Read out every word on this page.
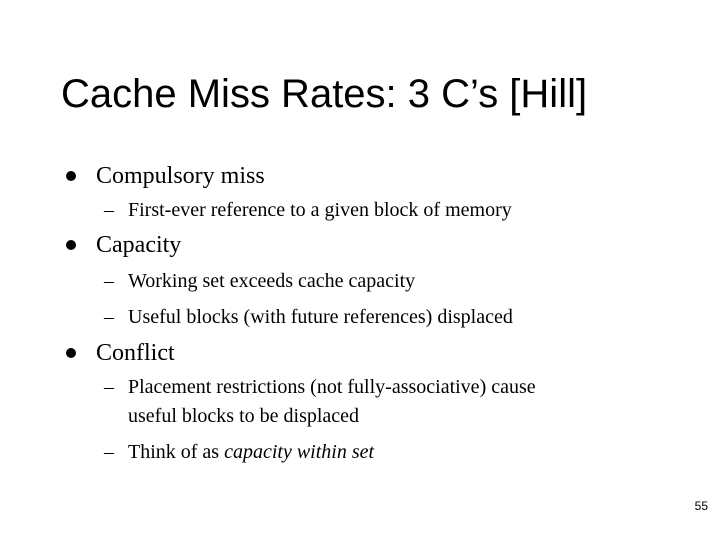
Cache Miss Rates: 3 C’s [Hill]
Compulsory miss
– First-ever reference to a given block of memory
Capacity
– Working set exceeds cache capacity
– Useful blocks (with future references) displaced
Conflict
– Placement restrictions (not fully-associative) cause
useful blocks to be displaced
– Think of as capacity within set
55
